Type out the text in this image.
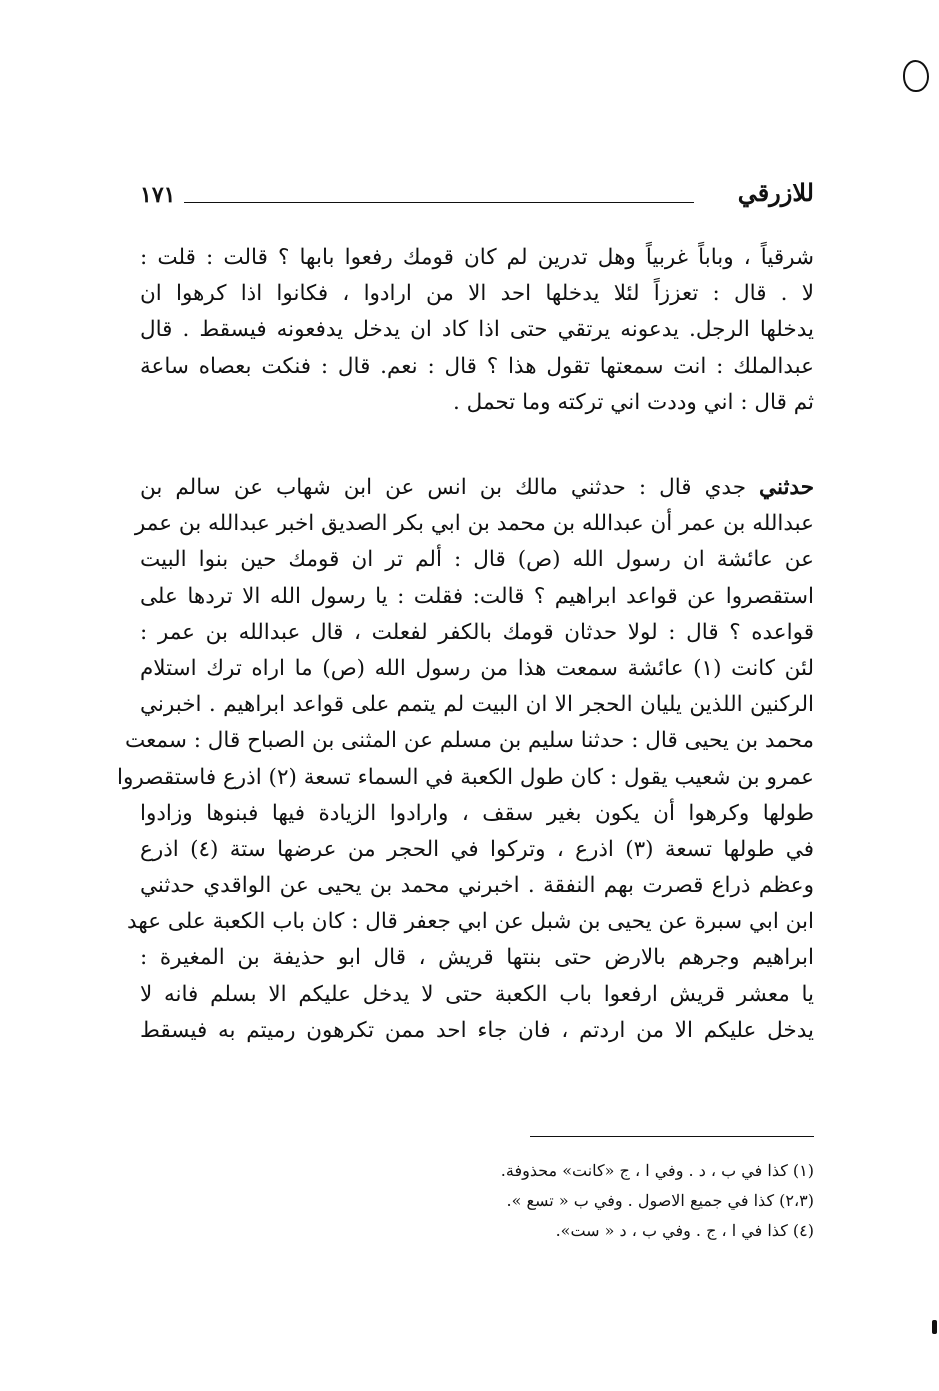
١٧١	للازرقي
شرقياً ، وباباً غربياً وهل تدرين لم كان قومك رفعوا بابها ؟ قالت : قلت :
لا . قال : تعززاً لئلا يدخلها احد الا من ارادوا ، فكانوا اذا كرهوا ان
يدخلها الرجل. يدعونه يرتقي حتى اذا كاد ان يدخل يدفعونه فيسقط . قال
عبدالملك : انت سمعتها تقول هذا ؟ قال : نعم. قال : فنكت بعصاه ساعة
ثم قال : اني وددت اني تركته وما تحمل .
حدثني جدي قال : حدثني مالك بن انس عن ابن شهاب عن سالم بن
عبدالله بن عمر أن عبدالله بن محمد بن ابي بكر الصديق اخبر عبدالله بن عمر
عن عائشة ان رسول الله (ص) قال : ألم تر ان قومك حين بنوا البيت
استقصروا عن قواعد ابراهيم ؟ قالت: فقلت : يا رسول الله الا تردها على
قواعده ؟ قال : لولا حدثان قومك بالكفر لفعلت ، قال عبدالله بن عمر :
لئن كانت (١) عائشة سمعت هذا من رسول الله (ص) ما اراه ترك استلام
الركنين اللذين يليان الحجر الا ان البيت لم يتمم على قواعد ابراهيم . اخبرني
محمد بن يحيى قال : حدثنا سليم بن مسلم عن المثنى بن الصباح قال : سمعت
عمرو بن شعيب يقول : كان طول الكعبة في السماء تسعة (٢) اذرع فاستقصروا
طولها وكرهوا أن يكون بغير سقف ، وارادوا الزيادة فيها فبنوها وزادوا
في طولها تسعة (٣) اذرع ، وتركوا في الحجر من عرضها ستة (٤) اذرع
وعظم ذراع قصرت بهم النفقة . اخبرني محمد بن يحيى عن الواقدي حدثني
ابن ابي سبرة عن يحيى بن شبل عن ابي جعفر قال : كان باب الكعبة على عهد
ابراهيم وجرهم بالارض حتى بنتها قريش ، قال ابو حذيفة بن المغيرة :
يا معشر قريش ارفعوا باب الكعبة حتى لا يدخل عليكم الا بسلم فانه لا
يدخل عليكم الا من اردتم ، فان جاء احد ممن تكرهون رميتم به فيسقط
(١) كذا في ب ، د . وفي ا ، ج «كانت» محذوفة.
(٢،٣) كذا في جميع الاصول . وفي ب « تسع ».
(٤) كذا في ا ، ج . وفي ب ، د « ست».
